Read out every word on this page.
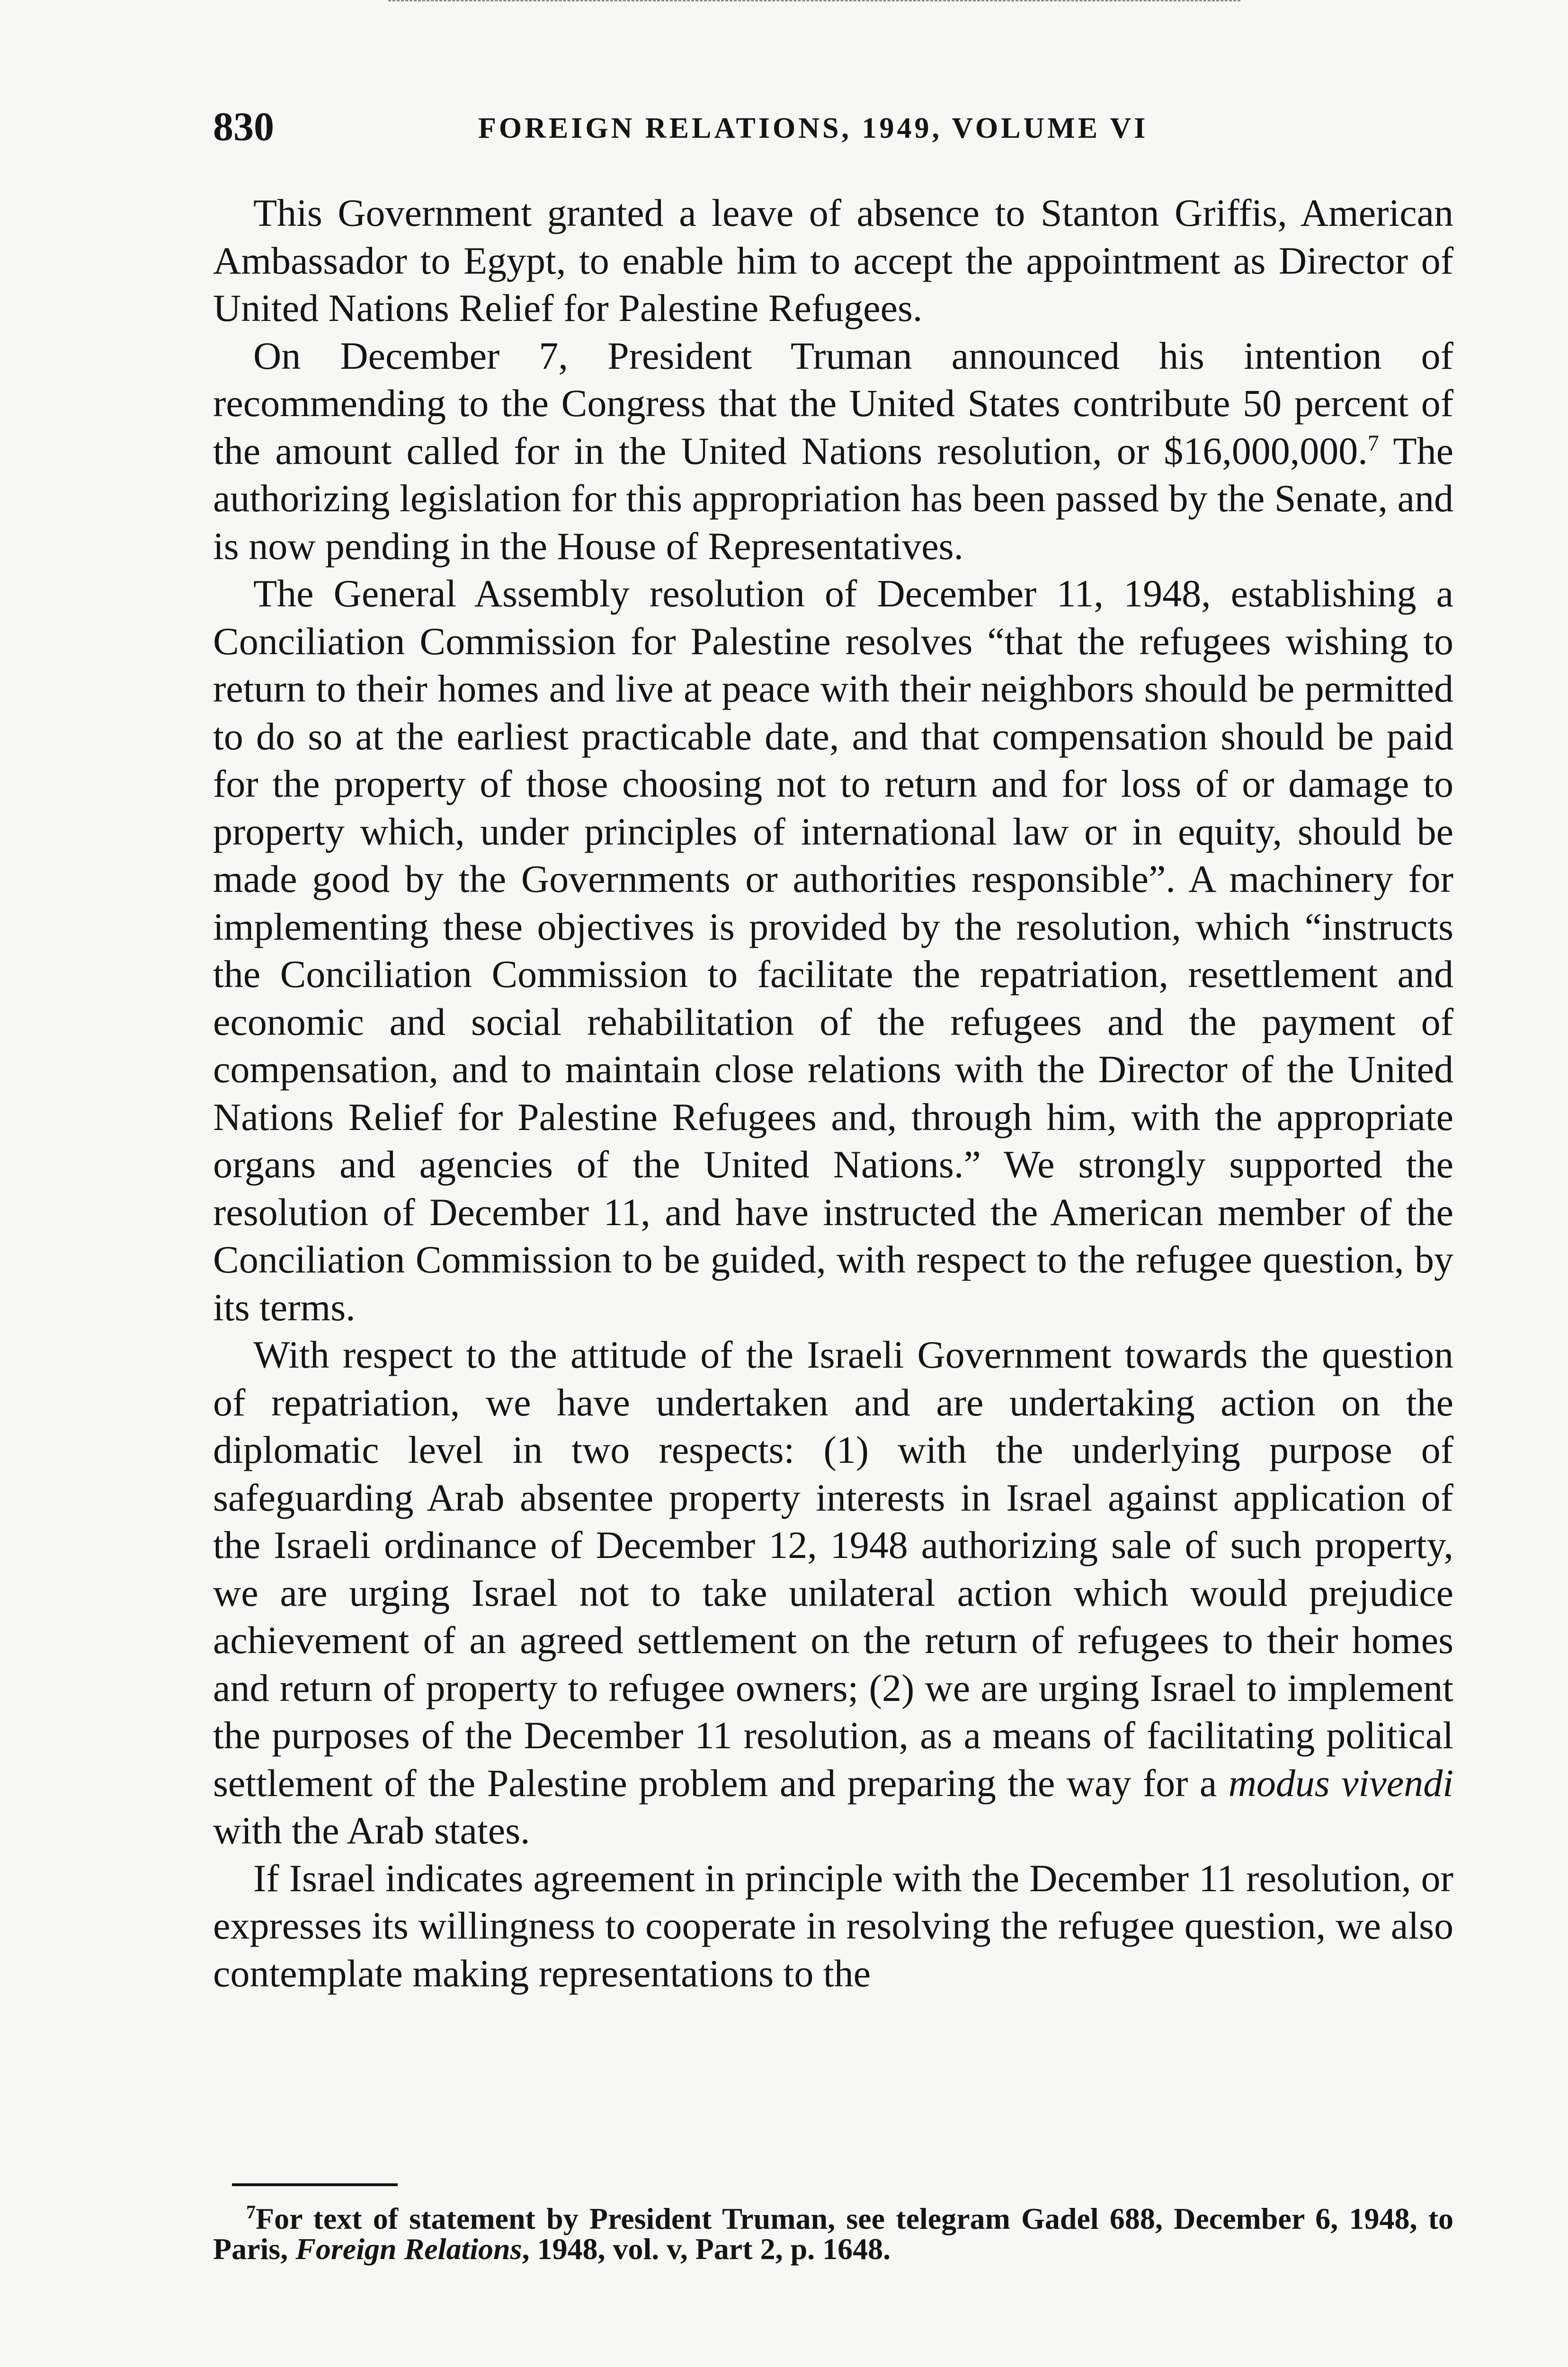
830	FOREIGN RELATIONS, 1949, VOLUME VI

This Government granted a leave of absence to Stanton Griffis, American Ambassador to Egypt, to enable him to accept the appointment as Director of United Nations Relief for Palestine Refugees.

On December 7, President Truman announced his intention of recommending to the Congress that the United States contribute 50 percent of the amount called for in the United Nations resolution, or $16,000,000.$^7$ The authorizing legislation for this appropriation has been passed by the Senate, and is now pending in the House of Representatives.

The General Assembly resolution of December 11, 1948, establishing a Conciliation Commission for Palestine resolves “that the refugees wishing to return to their homes and live at peace with their neighbors should be permitted to do so at the earliest practicable date, and that compensation should be paid for the property of those choosing not to return and for loss of or damage to property which, under principles of international law or in equity, should be made good by the Governments or authorities responsible”. A machinery for implementing these objectives is provided by the resolution, which “instructs the Conciliation Commission to facilitate the repatriation, resettlement and economic and social rehabilitation of the refugees and the payment of compensation, and to maintain close relations with the Director of the United Nations Relief for Palestine Refugees and, through him, with the appropriate organs and agencies of the United Nations.” We strongly supported the resolution of December 11, and have instructed the American member of the Conciliation Commission to be guided, with respect to the refugee question, by its terms.

With respect to the attitude of the Israeli Government towards the question of repatriation, we have undertaken and are undertaking action on the diplomatic level in two respects: (1) with the underlying purpose of safeguarding Arab absentee property interests in Israel against application of the Israeli ordinance of December 12, 1948 authorizing sale of such property, we are urging Israel not to take unilateral action which would prejudice achievement of an agreed settlement on the return of refugees to their homes and return of property to refugee owners; (2) we are urging Israel to implement the purposes of the December 11 resolution, as a means of facilitating political settlement of the Palestine problem and preparing the way for a modus vivendi with the Arab states.

If Israel indicates agreement in principle with the December 11 resolution, or expresses its willingness to cooperate in resolving the refugee question, we also contemplate making representations to the

$^7$For text of statement by President Truman, see telegram Gadel 688, December 6, 1948, to Paris, Foreign Relations, 1948, vol. v, Part 2, p. 1648.
